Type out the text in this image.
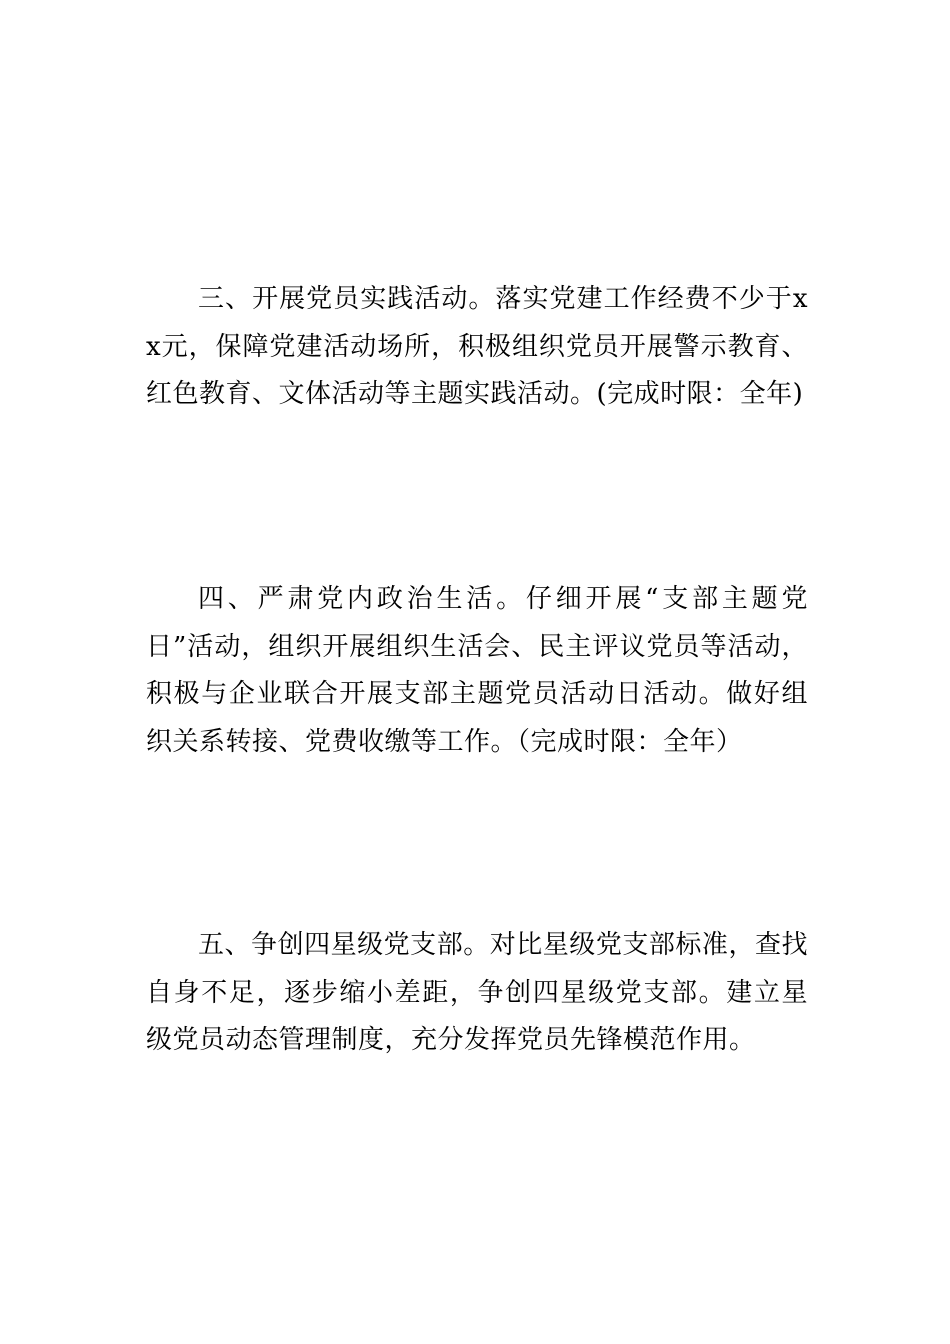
三、开展党员实践活动。落实党建工作经费不少于xx元，保障党建活动场所，积极组织党员开展警示教育、红色教育、文体活动等主题实践活动。(完成时限：全年)

四、严肃党内政治生活。仔细开展“支部主题党日”活动，组织开展组织生活会、民主评议党员等活动，积极与企业联合开展支部主题党员活动日活动。做好组织关系转接、党费收缴等工作。（完成时限：全年）

五、争创四星级党支部。对比星级党支部标准，查找自身不足，逐步缩小差距，争创四星级党支部。建立星级党员动态管理制度，充分发挥党员先锋模范作用。
